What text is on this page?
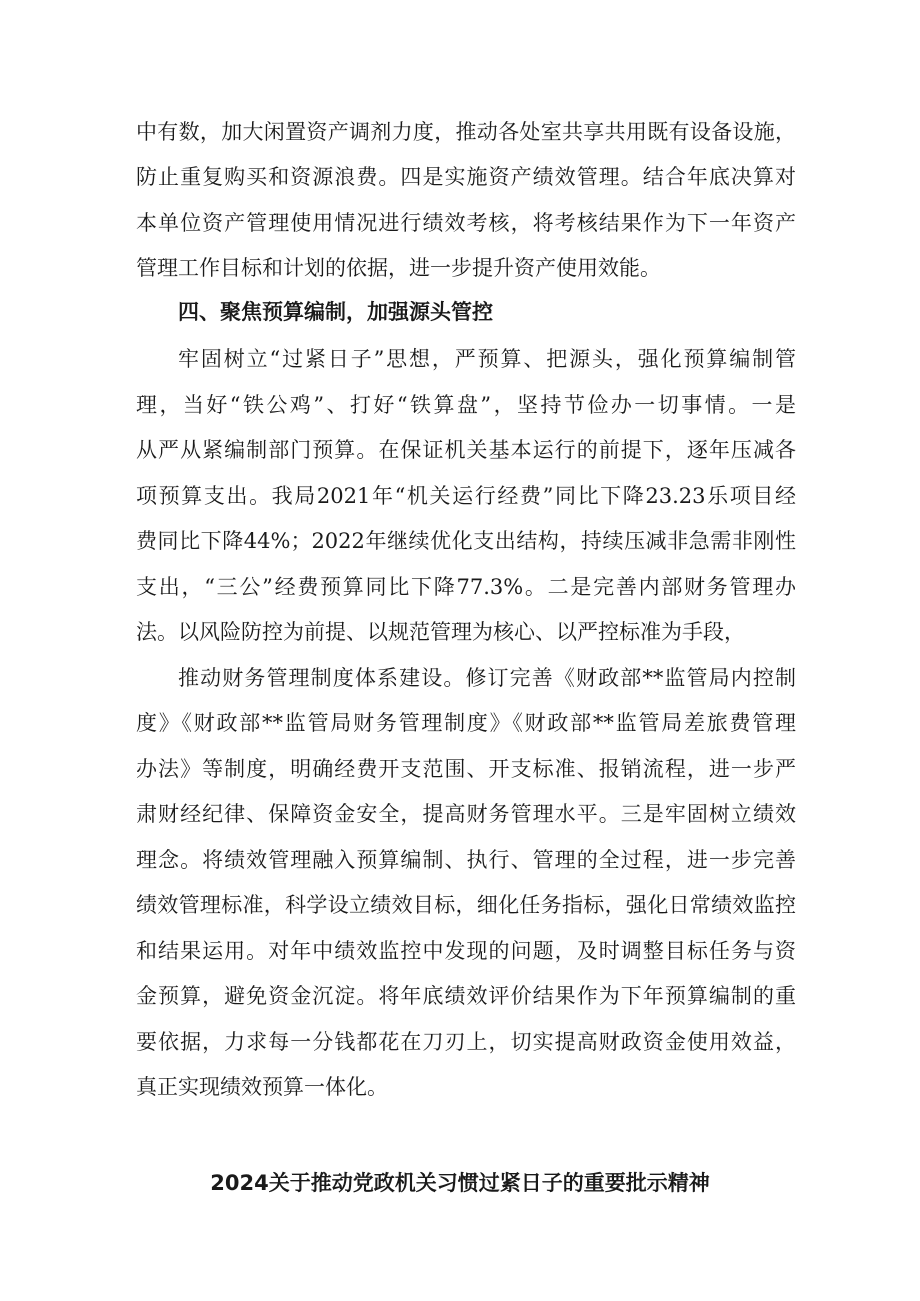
中有数，加大闲置资产调剂力度，推动各处室共享共用既有设备设施，
防止重复购买和资源浪费。四是实施资产绩效管理。结合年底决算对
本单位资产管理使用情况进行绩效考核，将考核结果作为下一年资产
管理工作目标和计划的依据，进一步提升资产使用效能。
四、聚焦预算编制，加强源头管控
牢固树立“过紧日子”思想，严预算、把源头，强化预算编制管
理，当好“铁公鸡”、打好“铁算盘”，坚持节俭办一切事情。一是
从严从紧编制部门预算。在保证机关基本运行的前提下，逐年压减各
项预算支出。我局2021年“机关运行经费”同比下降23.23乐项目经
费同比下降44%；2022年继续优化支出结构，持续压减非急需非刚性
支出，“三公”经费预算同比下降77.3%。二是完善内部财务管理办
法。以风险防控为前提、以规范管理为核心、以严控标准为手段，
推动财务管理制度体系建设。修订完善《财政部**监管局内控制
度》《财政部**监管局财务管理制度》《财政部**监管局差旅费管理
办法》等制度，明确经费开支范围、开支标准、报销流程，进一步严
肃财经纪律、保障资金安全，提高财务管理水平。三是牢固树立绩效
理念。将绩效管理融入预算编制、执行、管理的全过程，进一步完善
绩效管理标准，科学设立绩效目标，细化任务指标，强化日常绩效监控
和结果运用。对年中绩效监控中发现的问题，及时调整目标任务与资
金预算，避免资金沉淀。将年底绩效评价结果作为下年预算编制的重
要依据，力求每一分钱都花在刀刃上，切实提高财政资金使用效益，
真正实现绩效预算一体化。
2024关于推动党政机关习惯过紧日子的重要批示精神
